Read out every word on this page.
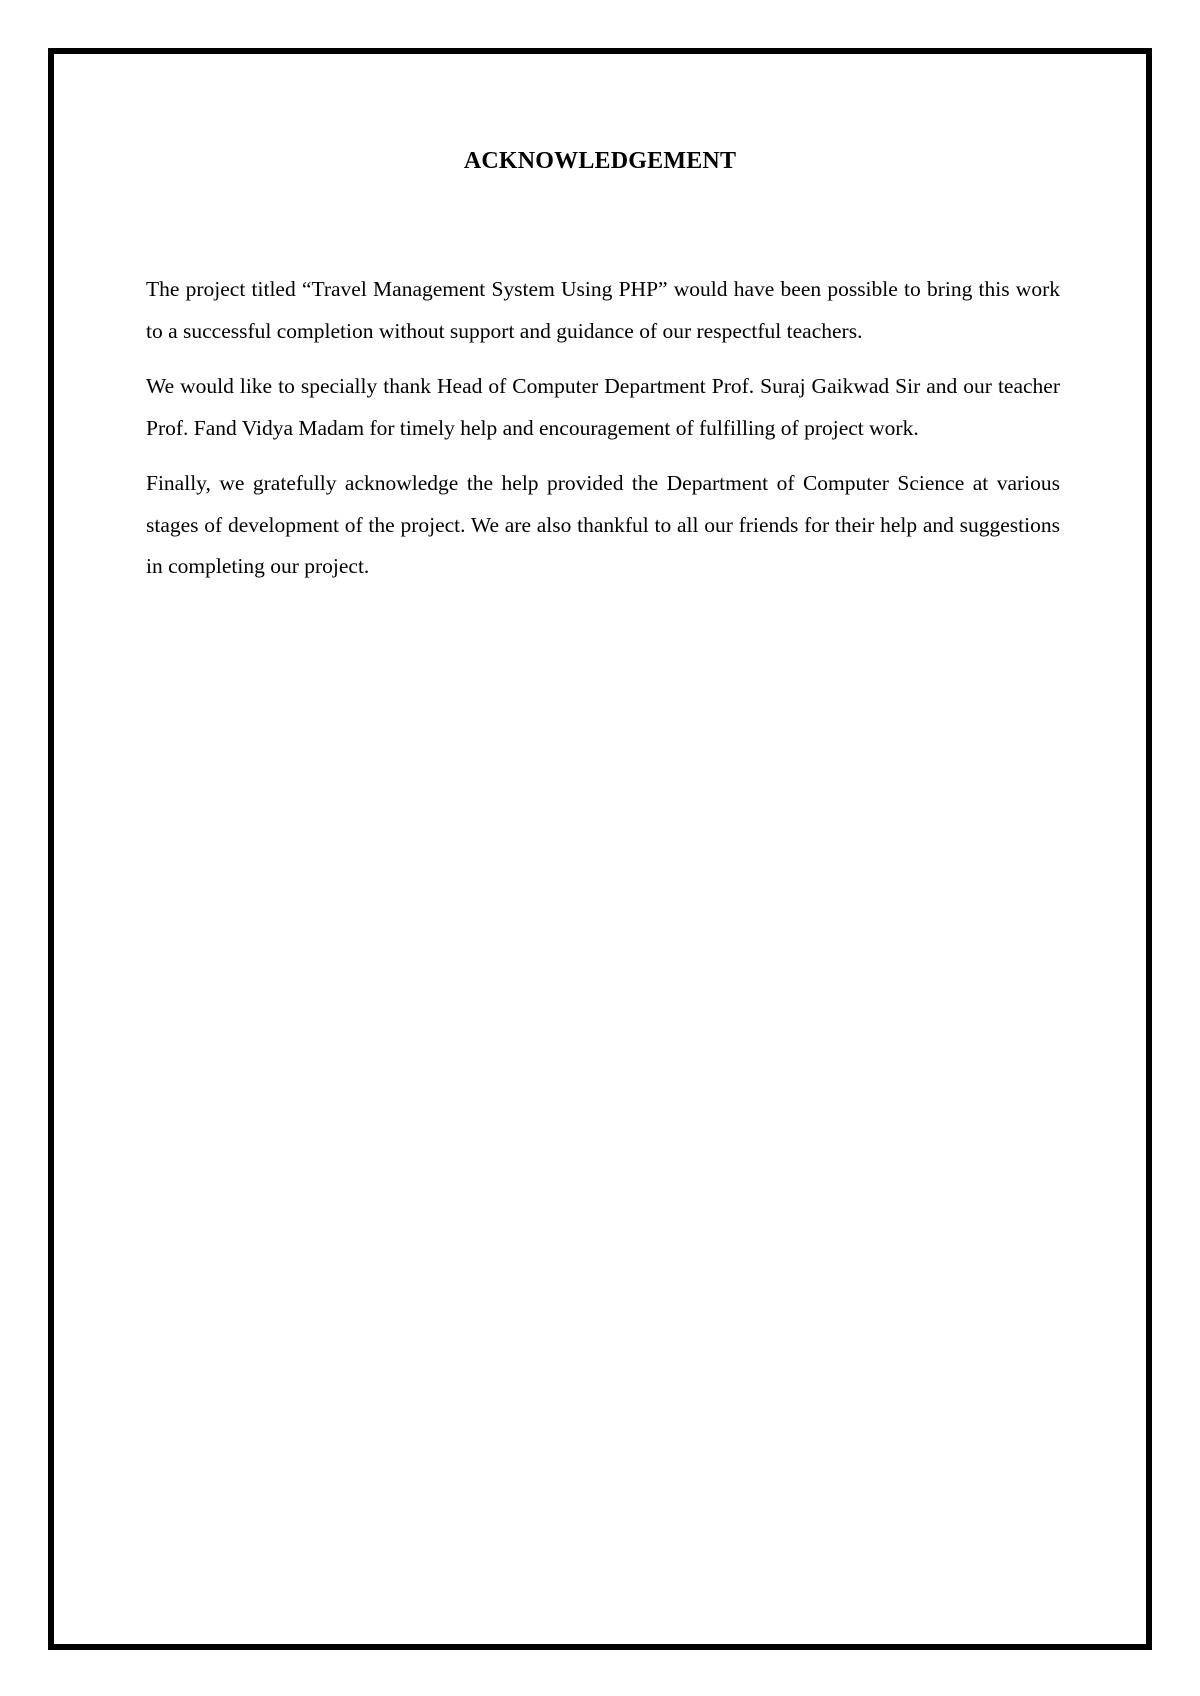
ACKNOWLEDGEMENT

The project titled “Travel Management System Using PHP” would have been possible to bring this work to a successful completion without support and guidance of our respectful teachers.

We would like to specially thank Head of Computer Department Prof. Suraj Gaikwad Sir and our teacher Prof. Fand Vidya Madam for timely help and encouragement of fulfilling of project work.

Finally, we gratefully acknowledge the help provided the Department of Computer Science at various stages of development of the project. We are also thankful to all our friends for their help and suggestions in completing our project.
